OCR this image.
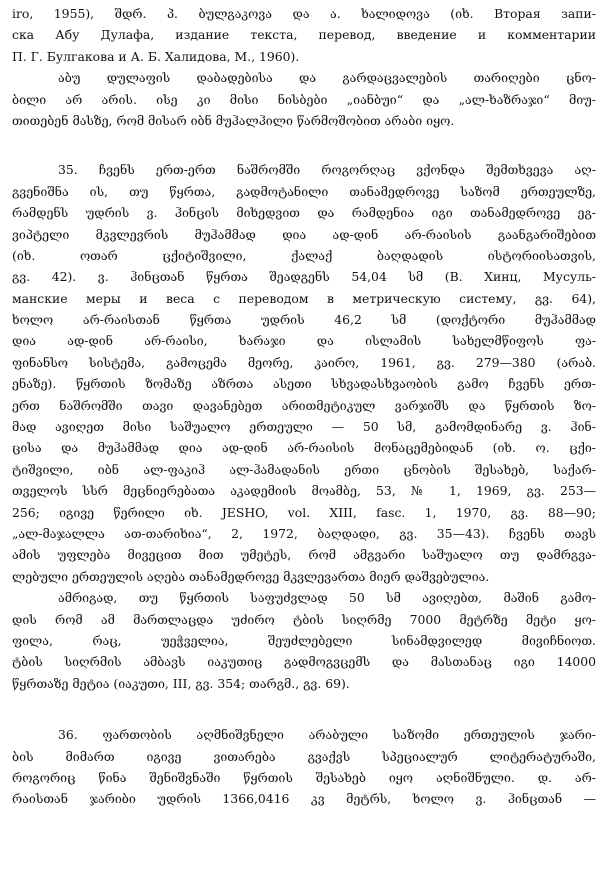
iro, 1955), შდრ. პ. ბულგაკოვა და ა. ხალიდოვა (იხ. Вторая запи-
ска Абу Дулафа, издание текста, перевод, введение и комментарии
П. Г. Булгакова и А. Б. Халидова, М., 1960).
აბუ დულაფის დაბადებისა და გარდაცვალების თარიღები ცნო-
ბილი არ არის. ისე კი მისი ნისბები „იანბუი“ და „ალ-ხაზრაჯი“ მიუ-
თითებენ მასზე, რომ მისარ იბნ მუჰალჰილი წარმოშობით არაბი იყო.
35. ჩვენს ერთ-ერთ ნაშრომში როგორღაც ვქონდა შემთხვევა აღ-
გვენიშნა ის, თუ წყრთა, გადმოტანილი თანამედროვე საზომ ერთეულზე,
რამდენს უდრის ვ. ჰინცის მიხედვით და რამდენია იგი თანამედროვე ეგ-
ვიპტელი მკვლევრის მუჰამმად დია ად-დინ არ-რაისის გაანგარიშებით
(იხ. ოთარ ცქიტიშვილი, ქალაქ ბაღდადის ისტორიისათვის,
გვ. 42). ვ. ჰინცთან წყრთა შეადგენს 54,04 სმ (В. Хинц, Мусуль-
манские меры и веса с переводом в метрическую систему, გვ. 64),
ხოლო არ-რაისთან წყრთა უდრის 46,2 სმ (დოქტორი მუჰამმად
დია ად-დინ არ-რაისი, ხარაჯი და ისლამის სახელმწიფოს ფა-
ფინანსო სისტემა, გამოცემა მეორე, კაირო, 1961, გვ. 279—380 (არაბ.
ენაზე). წყრთის ზომაზე აზრთა ასეთი სხვადასხვაობის გამო ჩვენს ერთ-
ერთ ნაშრომში თავი დავანებეთ არითმეტიკულ ვარჯიშს და წყრთის ზო-
მად ავიღეთ მისი საშუალო ერთეული — 50 სმ, გამომდინარე ვ. ჰინ-
ცისა და მუჰამმად დია ად-დინ არ-რაისის მონაცემებიდან (იხ. ო. ცქი-
ტიშვილი, იბნ ალ-ფაკიჰ ალ-ჰამადანის ერთი ცნობის შესახებ, საქარ-
თველოს სსრ მეცნიერებათა აკადემიის მოამბე, 53, № 1, 1969, გვ. 253—
256; იგივე წერილი იხ. JESHO, vol. XIII, fasc. 1, 1970, გვ. 88—90;
„ალ-მაჯალლა ათ-თარიხია“, 2, 1972, ბაღდადი, გვ. 35—43). ჩვენს თავს
ამის უფლება მივეცით მით უმეტეს, რომ ამგვარი საშუალო თუ დამრგვა-
ლებული ერთეულის აღება თანამედროვე მკვლევართა მიერ დაშვებულია.
ამრიგად, თუ წყრთის საფუძვლად 50 სმ ავიღებთ, მაშინ გამო-
დის რომ ამ მართლაცდა უძირო ტბის სიღრმე 7000 მეტრზე მეტი ყო-
ფილა, რაც, უეჭველია, შეუძლებელი სინამდვილედ მივიჩნიოთ.
ტბის სიღრმის ამბავს იაკუთიც გადმოგვცემს და მასთანაც იგი 14000
წყრთაზე მეტია (იაკუთი, III, გვ. 354; თარგმ., გვ. 69).
36. ფართობის აღმნიშვნელი არაბული საზომი ერთეულის ჯარი-
ბის მიმართ იგივე ვითარება გვაქვს სპეციალურ ლიტერატურაში,
როგორიც წინა შენიშვნაში წყრთის შესახებ იყო აღნიშნული. დ. არ-
რაისთან ჯარიბი უდრის 1366,0416 კვ მეტრს, ხოლო ვ. ჰინცთან —
